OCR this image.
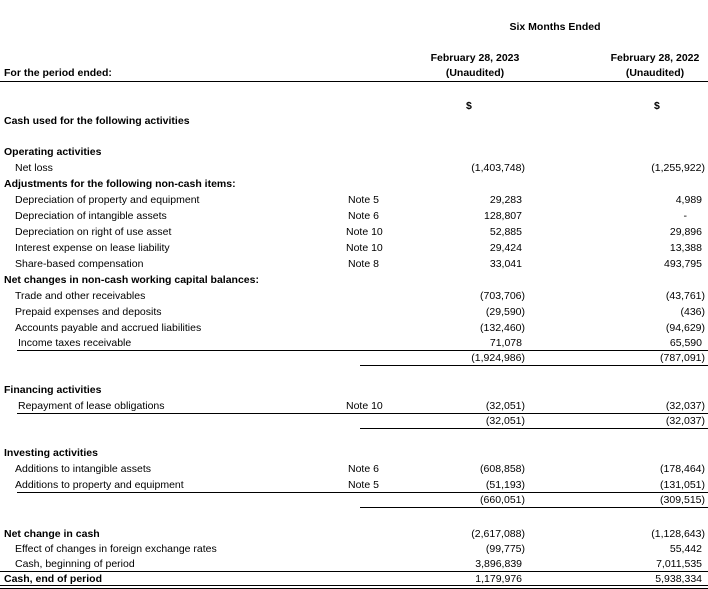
Six Months Ended
February 28, 2023
(Unaudited)
February 28, 2022
(Unaudited)
For the period ended:
$	$
Cash used for the following activities
Operating activities
Net loss	(1,403,748)	(1,255,922)
Adjustments for the following non-cash items:
Depreciation of property and equipment	Note 5	29,283	4,989
Depreciation of intangible assets	Note 6	128,807	-
Depreciation on right of use asset	Note 10	52,885	29,896
Interest expense on lease liability	Note 10	29,424	13,388
Share-based compensation	Note 8	33,041	493,795
Net changes in non-cash working capital balances:
Trade and other receivables	(703,706)	(43,761)
Prepaid expenses and deposits	(29,590)	(436)
Accounts payable and accrued liabilities	(132,460)	(94,629)
Income taxes receivable	71,078	65,590
(1,924,986)	(787,091)
Financing activities
Repayment of lease obligations	Note 10	(32,051)	(32,037)
(32,051)	(32,037)
Investing activities
Additions to intangible assets	Note 6	(608,858)	(178,464)
Additions to property and equipment	Note 5	(51,193)	(131,051)
(660,051)	(309,515)
Net change in cash	(2,617,088)	(1,128,643)
Effect of changes in foreign exchange rates	(99,775)	55,442
Cash, beginning of period	3,896,839	7,011,535
Cash, end of period	1,179,976	5,938,334
